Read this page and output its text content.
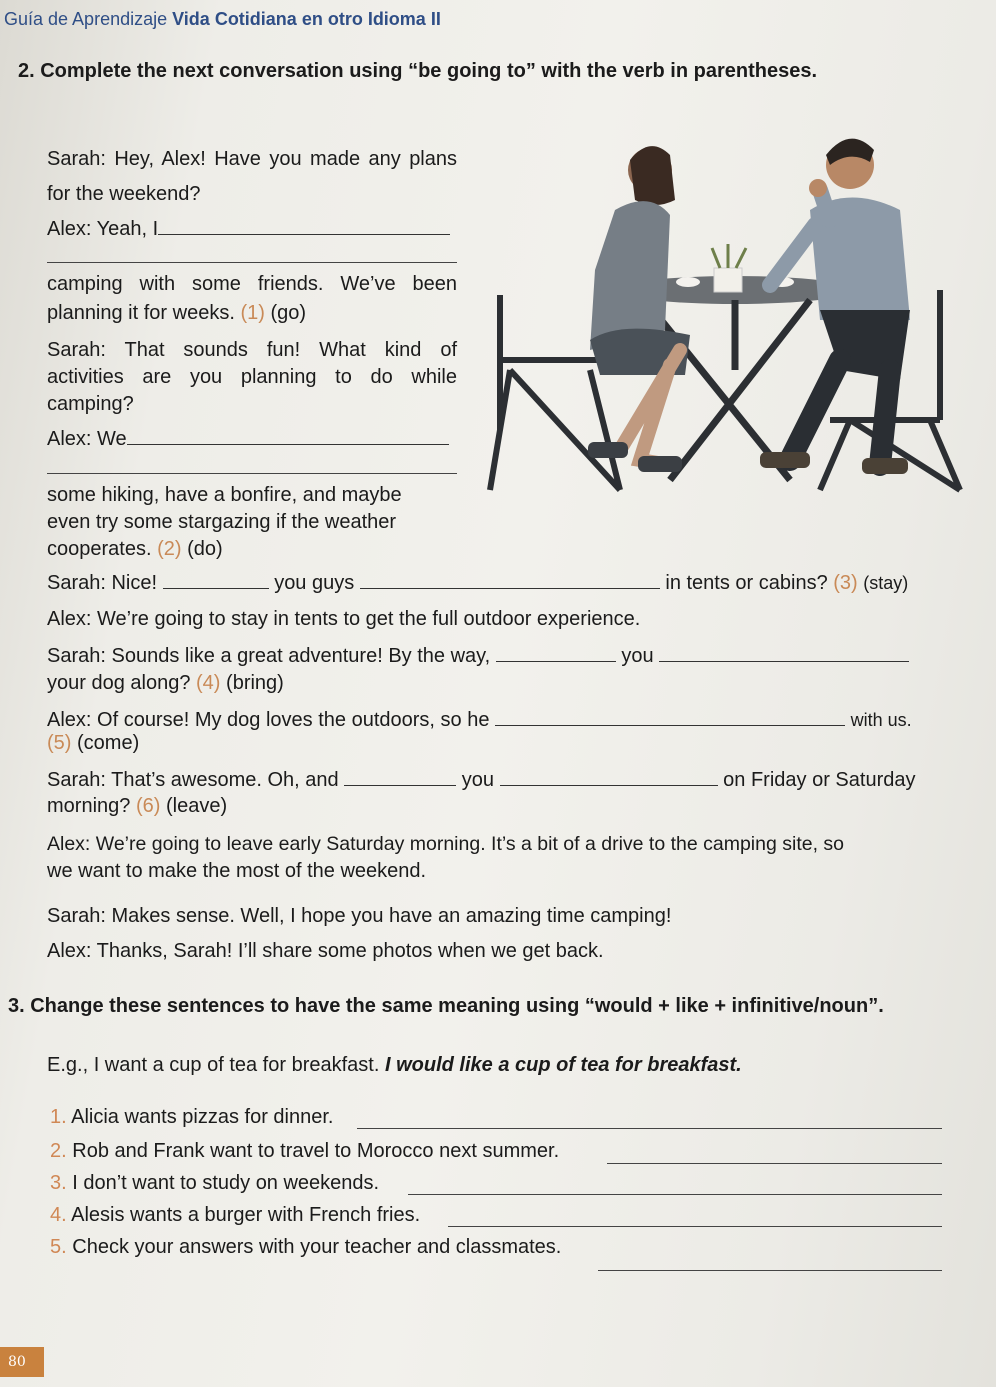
Guía de Aprendizaje Vida Cotidiana en otro Idioma II
2. Complete the next conversation using “be going to” with the verb in parentheses.
Sarah: Hey, Alex! Have you made any plans
for the weekend?
Alex: Yeah, I
camping with some friends. We’ve been
planning it for weeks. (1) (go)
Sarah: That sounds fun! What kind of
activities are you planning to do while
camping?
Alex: We
some hiking, have a bonfire, and maybe
even try some stargazing if the weather
cooperates. (2) (do)
Sarah: Nice!	you guys	in tents or cabins? (3) (stay)
Alex: We’re going to stay in tents to get the full outdoor experience.
Sarah: Sounds like a great adventure! By the way,	you
your dog along? (4) (bring)
Alex: Of course! My dog loves the outdoors, so he	with us.
(5) (come)
Sarah: That’s awesome. Oh, and	you	on Friday or Saturday
morning? (6) (leave)
Alex: We’re going to leave early Saturday morning. It’s a bit of a drive to the camping site, so
we want to make the most of the weekend.
Sarah: Makes sense. Well, I hope you have an amazing time camping!
Alex: Thanks, Sarah! I’ll share some photos when we get back.
3. Change these sentences to have the same meaning using “would + like + infinitive/noun”.
E.g., I want a cup of tea for breakfast. I would like a cup of tea for breakfast.
1. Alicia wants pizzas for dinner.
2. Rob and Frank want to travel to Morocco next summer.
3. I don’t want to study on weekends.
4. Alesis wants a burger with French fries.
5. Check your answers with your teacher and classmates.
80
